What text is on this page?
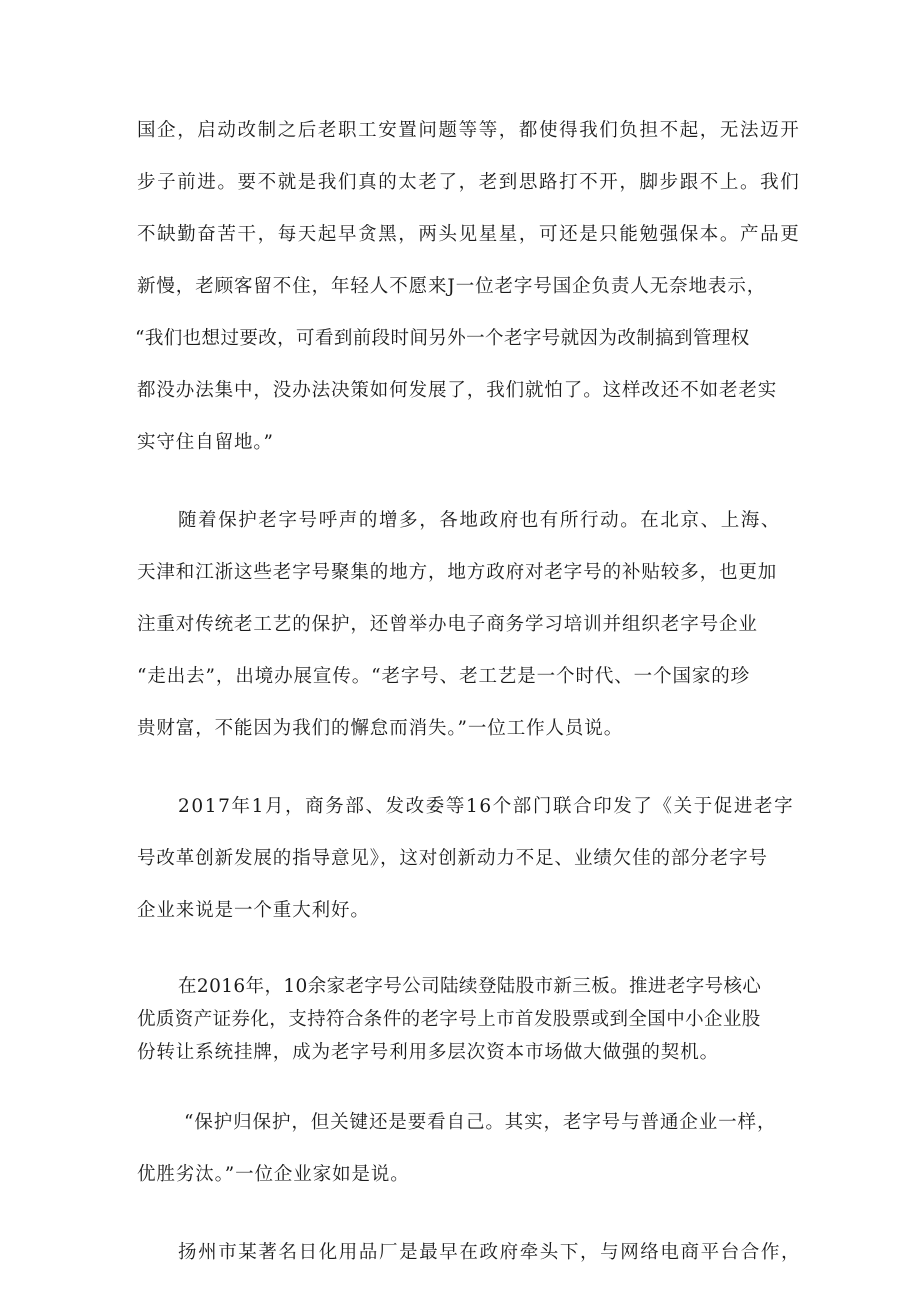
国企，启动改制之后老职工安置问题等等，都使得我们负担不起，无法迈开
步子前进。要不就是我们真的太老了，老到思路打不开，脚步跟不上。我们
不缺勤奋苦干，每天起早贪黑，两头见星星，可还是只能勉强保本。产品更
新慢，老顾客留不住，年轻人不愿来J一位老字号国企负责人无奈地表示，
“我们也想过要改，可看到前段时间另外一个老字号就因为改制搞到管理权
都没办法集中，没办法决策如何发展了，我们就怕了。这样改还不如老老实
实守住自留地。”
随着保护老字号呼声的增多，各地政府也有所行动。在北京、上海、
天津和江浙这些老字号聚集的地方，地方政府对老字号的补贴较多，也更加
注重对传统老工艺的保护，还曾举办电子商务学习培训并组织老字号企业
“走出去”，出境办展宣传。“老字号、老工艺是一个时代、一个国家的珍
贵财富，不能因为我们的懈怠而消失。”一位工作人员说。
2017年1月，商务部、发改委等16个部门联合印发了《关于促进老字
号改革创新发展的指导意见》，这对创新动力不足、业绩欠佳的部分老字号
企业来说是一个重大利好。
在2016年，10余家老字号公司陆续登陆股市新三板。推进老字号核心
优质资产证券化，支持符合条件的老字号上市首发股票或到全国中小企业股
份转让系统挂牌，成为老字号利用多层次资本市场做大做强的契机。
“保护归保护，但关键还是要看自己。其实，老字号与普通企业一样，
优胜劣汰。”一位企业家如是说。
扬州市某著名日化用品厂是最早在政府牵头下，与网络电商平台合作，
